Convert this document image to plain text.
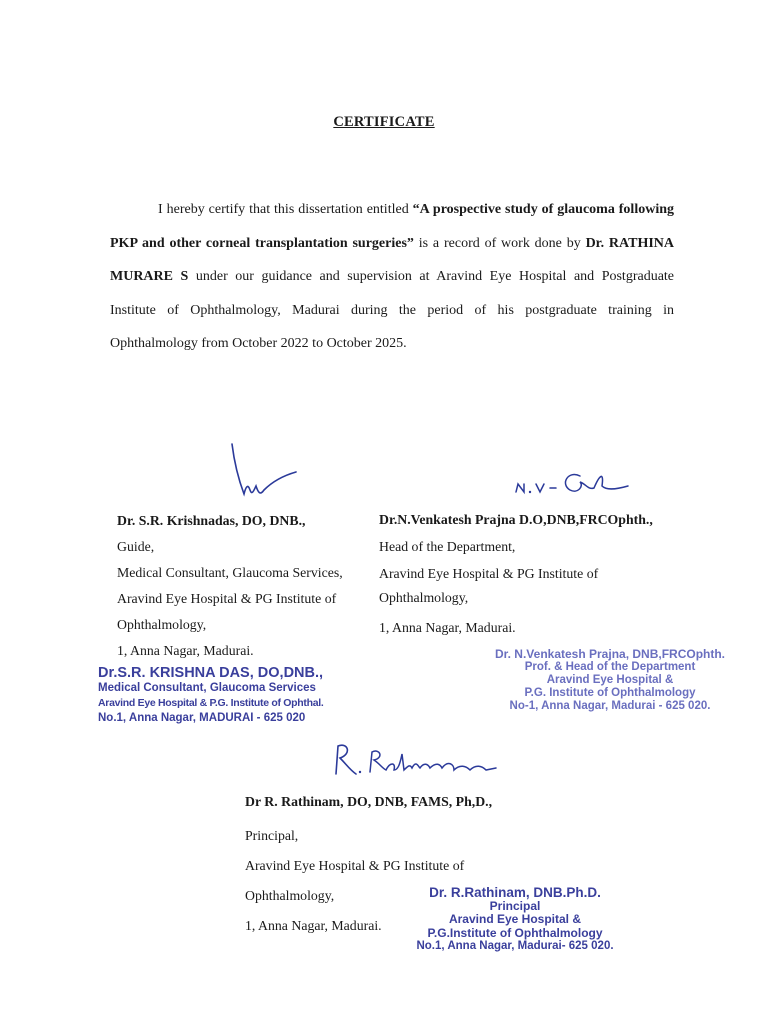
CERTIFICATE
I hereby certify that this dissertation entitled “A prospective study of glaucoma following PKP and other corneal transplantation surgeries” is a record of work done by Dr. RATHINA MURARE S under our guidance and supervision at Aravind Eye Hospital and Postgraduate Institute of Ophthalmology, Madurai during the period of his postgraduate training in Ophthalmology from October 2022 to October 2025.
Dr. S.R. Krishnadas, DO, DNB.,
Guide,
Medical Consultant, Glaucoma Services,
Aravind Eye Hospital & PG Institute of
Ophthalmology,
1, Anna Nagar, Madurai.
Dr.N.Venkatesh Prajna D.O,DNB,FRCOphth.,
Head of the Department,
Aravind Eye Hospital & PG Institute of
Ophthalmology,
1, Anna Nagar, Madurai.
Dr.S.R. KRISHNA DAS, DO,DNB.,
Medical Consultant, Glaucoma Services
Aravind Eye Hospital & P.G. Institute of Ophthal.
No.1, Anna Nagar, MADURAI - 625 020
Dr. N.Venkatesh Prajna, DNB,FRCOphth.
Prof. & Head of the Department
Aravind Eye Hospital &
P.G. Institute of Ophthalmology
No-1, Anna Nagar, Madurai - 625 020.
Dr R. Rathinam, DO, DNB, FAMS, Ph,D.,
Principal,
Aravind Eye Hospital & PG Institute of
Ophthalmology,
1, Anna Nagar, Madurai.
Dr. R.Rathinam, DNB.Ph.D.
Principal
Aravind Eye Hospital &
P.G.Institute of Ophthalmology
No.1, Anna Nagar, Madurai- 625 020.
